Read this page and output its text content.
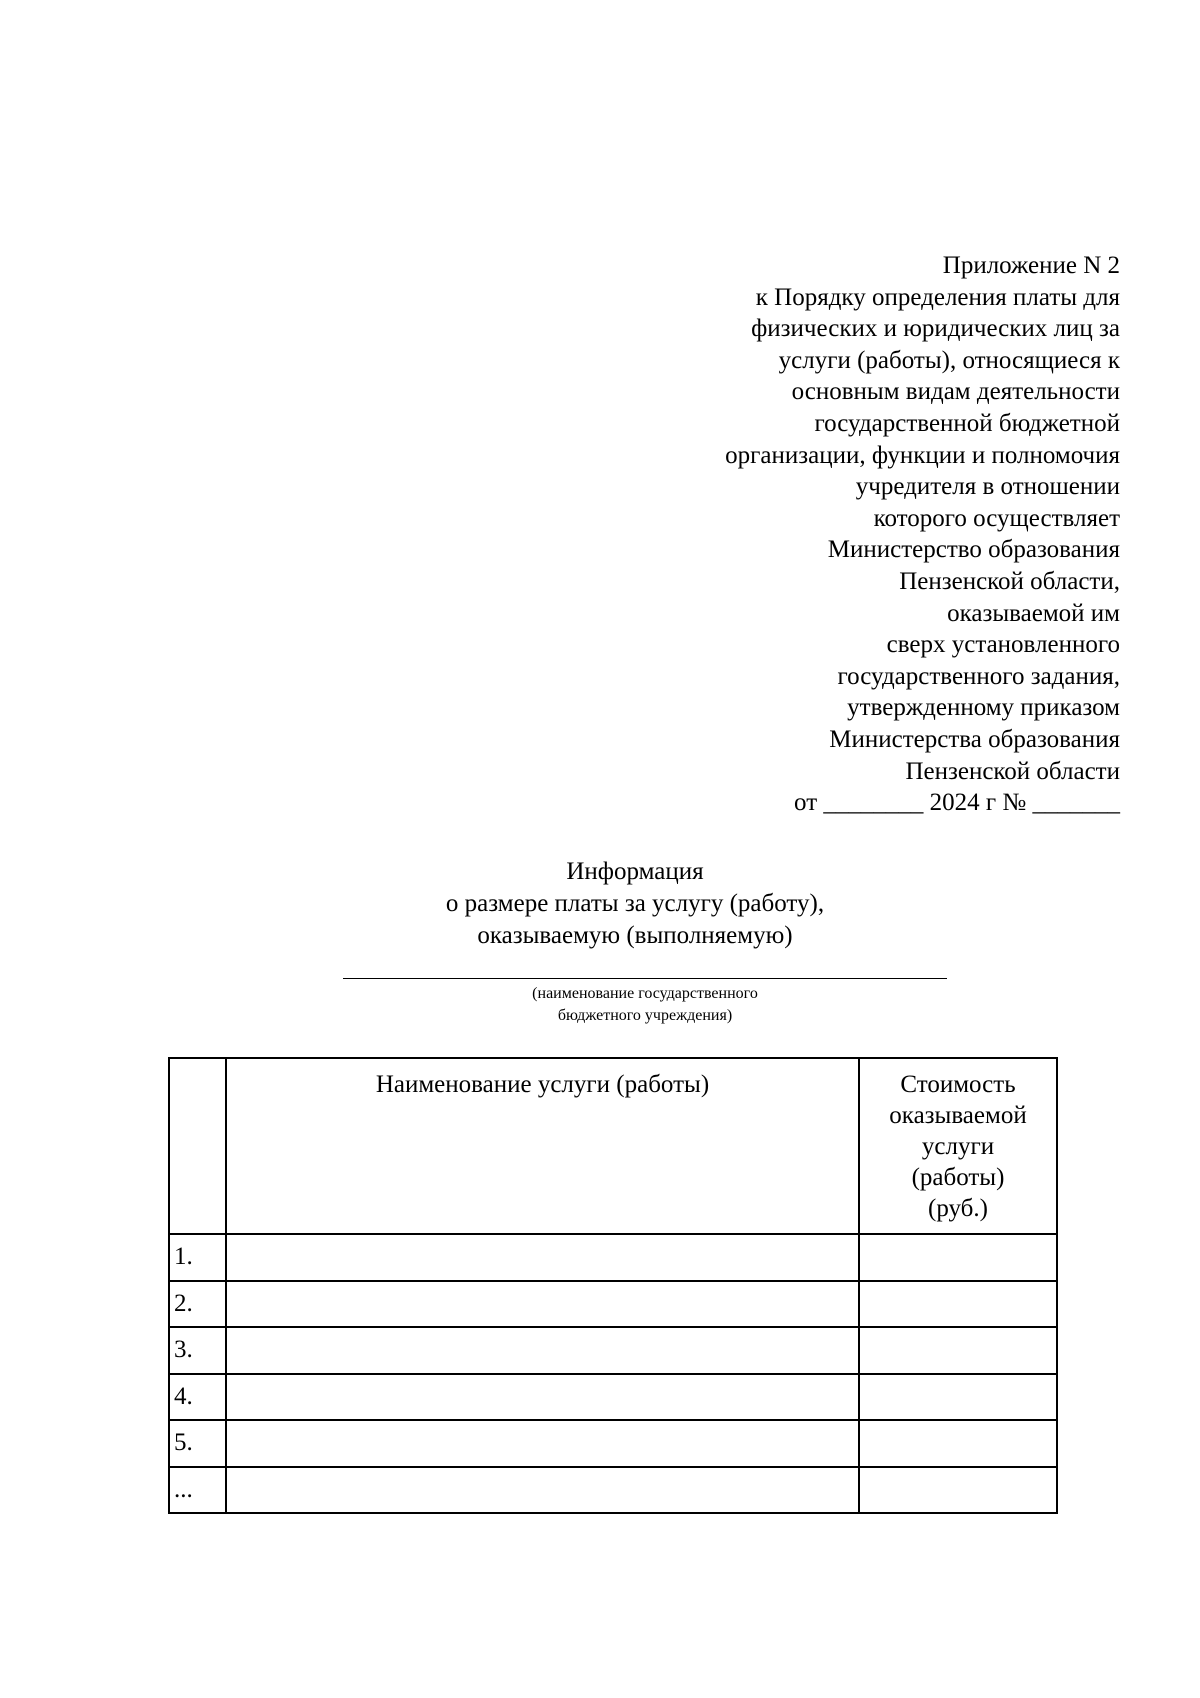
Приложение N 2
к Порядку определения платы для
физических и юридических лиц за
услуги (работы), относящиеся к
основным видам деятельности
государственной бюджетной
организации, функции и полномочия
учредителя в отношении
которого осуществляет
Министерство образования
Пензенской области,
оказываемой им
сверх установленного
государственного задания,
утвержденному приказом
Министерства образования
Пензенской области
от ________ 2024 г № _______
Информация
о размере платы за услугу (работу),
оказываемую (выполняемую)
(наименование государственного
бюджетного учреждения)
	Наименование услуги (работы)	Стоимость
оказываемой
услуги
(работы)
(руб.)

1.		
2.		
3.		
4.		
5.		
...		
